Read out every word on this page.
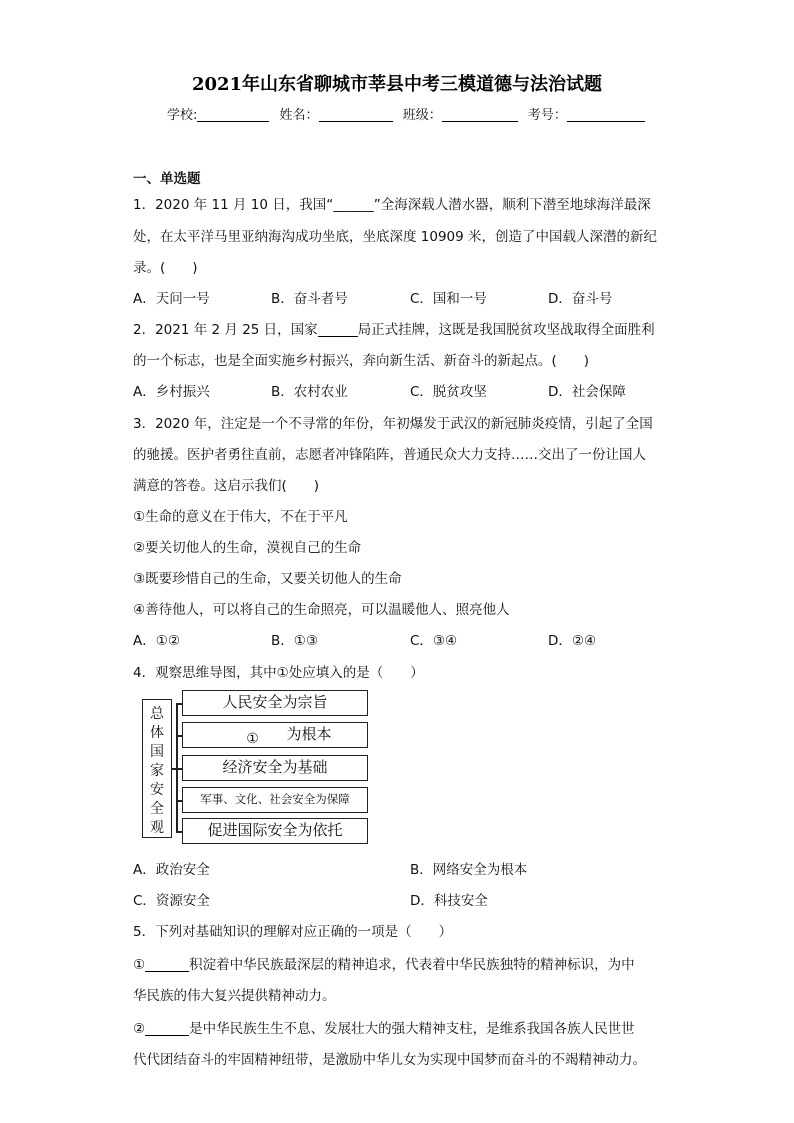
2021年山东省聊城市莘县中考三模道德与法治试题
学校:	姓名：	班级：	考号：
一、单选题
1．2020 年 11 月 10 日，我国“______”全海深载人潜水器，顺利下潜至地球海洋最深
处，在太平洋马里亚纳海沟成功坐底，坐底深度 10909 米，创造了中国载人深潜的新纪
录。(　　)
A．天问一号	B．奋斗者号	C．国和一号	D．奋斗号
2．2021 年 2 月 25 日，国家	局正式挂牌，这既是我国脱贫攻坚战取得全面胜利
的一个标志，也是全面实施乡村振兴，奔向新生活、新奋斗的新起点。(　　)
A．乡村振兴	B．农村农业	C．脱贫攻坚	D．社会保障
3．2020 年，注定是一个不寻常的年份，年初爆发于武汉的新冠肺炎疫情，引起了全国
的驰援。医护者勇往直前，志愿者冲锋陷阵，普通民众大力支持……交出了一份让国人
满意的答卷。这启示我们(　　)
①生命的意义在于伟大，不在于平凡
②要关切他人的生命，漠视自己的生命
③既要珍惜自己的生命，又要关切他人的生命
④善待他人，可以将自己的生命照亮，可以温暖他人、照亮他人
A．①②	B．①③	C．③④	D．②④
4．观察思维导图，其中①处应填入的是（　　）
总
体
国
家
安
全
观
人民安全为宗旨
① 为根本
经济安全为基础
军事、文化、社会安全为保障
促进国际安全为依托
A．政治安全	B．网络安全为根本
C．资源安全	D．科技安全
5．下列对基础知识的理解对应正确的一项是（　　）
①	积淀着中华民族最深层的精神追求，代表着中华民族独特的精神标识，为中
华民族的伟大复兴提供精神动力。
②	是中华民族生生不息、发展壮大的强大精神支柱，是维系我国各族人民世世
代代团结奋斗的牢固精神纽带，是激励中华儿女为实现中国梦而奋斗的不竭精神动力。
